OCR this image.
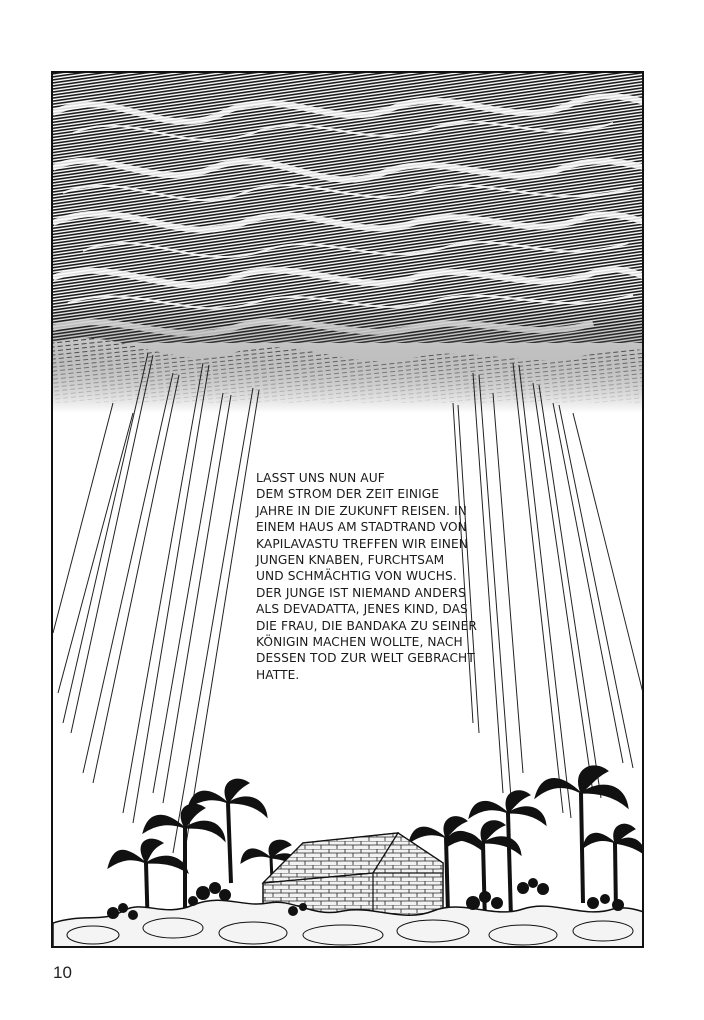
LASST UNS NUN AUF
DEM STROM DER ZEIT EINIGE
JAHRE IN DIE ZUKUNFT REISEN. IN
EINEM HAUS AM STADTRAND VON
KAPILAVASTU TREFFEN WIR EINEN
JUNGEN KNABEN, FURCHTSAM
UND SCHMÄCHTIG VON WUCHS.
DER JUNGE IST NIEMAND ANDERS
ALS DEVADATTA, JENES KIND, DAS
DIE FRAU, DIE BANDAKA ZU SEINER
KÖNIGIN MACHEN WOLLTE, NACH
DESSEN TOD ZUR WELT GEBRACHT
HATTE.
10
